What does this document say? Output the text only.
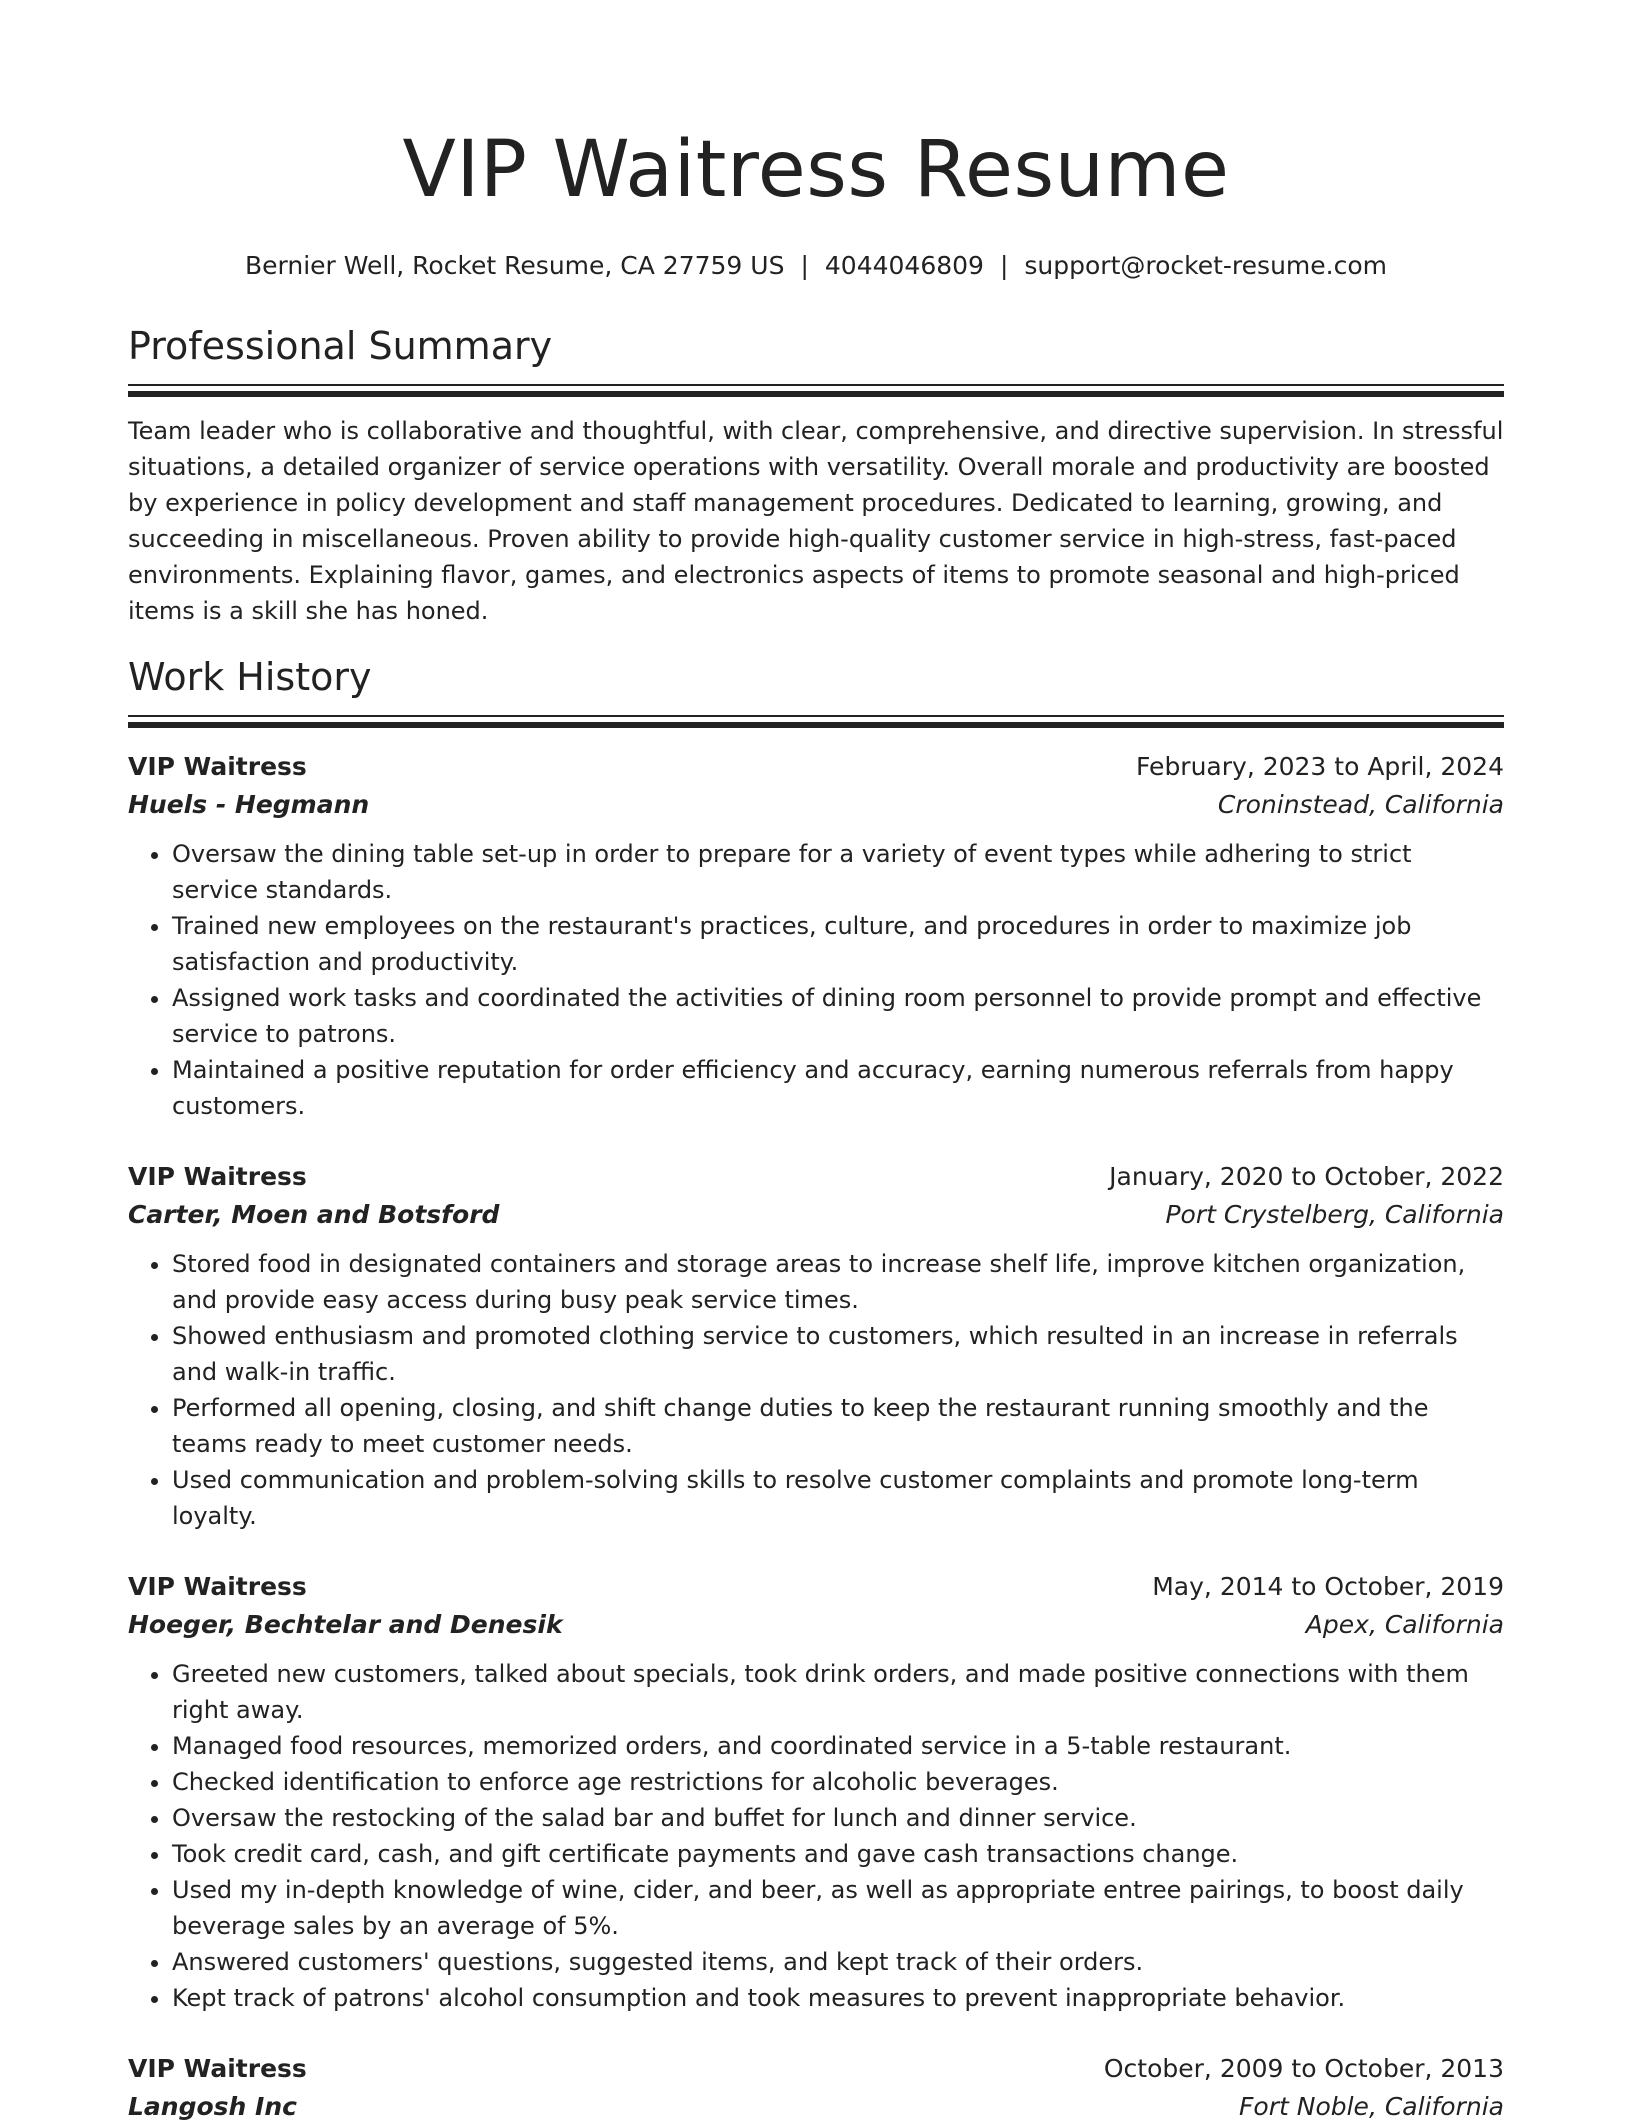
VIP Waitress Resume
Bernier Well, Rocket Resume, CA 27759 US | 4044046809 | support@rocket-resume.com
Professional Summary

Team leader who is collaborative and thoughtful, with clear, comprehensive, and directive supervision. In stressful situations, a detailed organizer of service operations with versatility. Overall morale and productivity are boosted by experience in policy development and staff management procedures. Dedicated to learning, growing, and succeeding in miscellaneous. Proven ability to provide high-quality customer service in high-stress, fast-paced environments. Explaining flavor, games, and electronics aspects of items to promote seasonal and high-priced items is a skill she has honed.

Work History
VIP Waitress	February, 2023 to April, 2024
Huels - Hegmann	Croninstead, California
• Oversaw the dining table set-up in order to prepare for a variety of event types while adhering to strict service standards.
• Trained new employees on the restaurant's practices, culture, and procedures in order to maximize job satisfaction and productivity.
• Assigned work tasks and coordinated the activities of dining room personnel to provide prompt and effective service to patrons.
• Maintained a positive reputation for order efficiency and accuracy, earning numerous referrals from happy customers.
VIP Waitress	January, 2020 to October, 2022
Carter, Moen and Botsford	Port Crystelberg, California
• Stored food in designated containers and storage areas to increase shelf life, improve kitchen organization, and provide easy access during busy peak service times.
• Showed enthusiasm and promoted clothing service to customers, which resulted in an increase in referrals and walk-in traffic.
• Performed all opening, closing, and shift change duties to keep the restaurant running smoothly and the teams ready to meet customer needs.
• Used communication and problem-solving skills to resolve customer complaints and promote long-term loyalty.
VIP Waitress	May, 2014 to October, 2019
Hoeger, Bechtelar and Denesik	Apex, California
• Greeted new customers, talked about specials, took drink orders, and made positive connections with them right away.
• Managed food resources, memorized orders, and coordinated service in a 5-table restaurant.
• Checked identification to enforce age restrictions for alcoholic beverages.
• Oversaw the restocking of the salad bar and buffet for lunch and dinner service.
• Took credit card, cash, and gift certificate payments and gave cash transactions change.
• Used my in-depth knowledge of wine, cider, and beer, as well as appropriate entree pairings, to boost daily beverage sales by an average of 5%.
• Answered customers' questions, suggested items, and kept track of their orders.
• Kept track of patrons' alcohol consumption and took measures to prevent inappropriate behavior.
VIP Waitress	October, 2009 to October, 2013
Langosh Inc	Fort Noble, California
